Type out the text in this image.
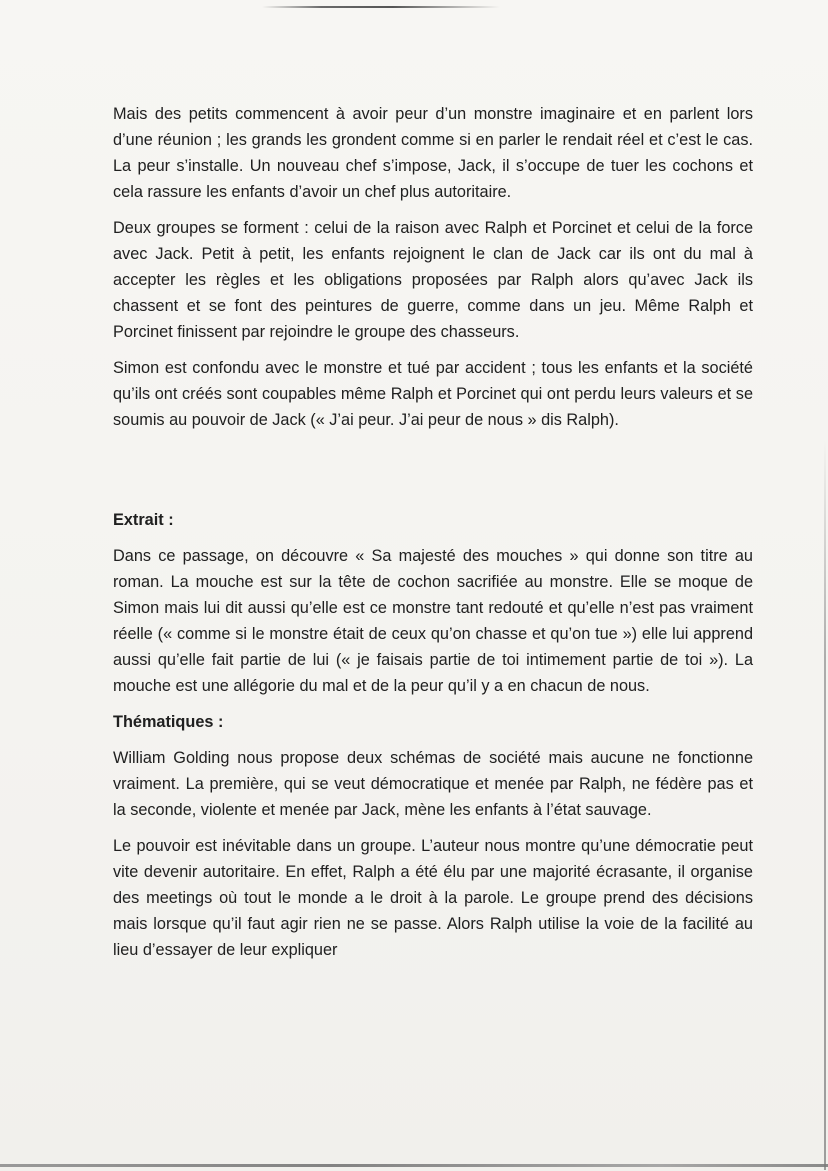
Mais des petits commencent à avoir peur d’un monstre imaginaire et en parlent lors d’une réunion ; les grands les grondent comme si en parler le rendait réel et c’est le cas. La peur s’installe. Un nouveau chef s’impose, Jack, il s’occupe de tuer les cochons et cela rassure les enfants d’avoir un chef plus autoritaire.

Deux groupes se forment : celui de la raison avec Ralph et Porcinet et celui de la force avec Jack. Petit à petit, les enfants rejoignent le clan de Jack car ils ont du mal à accepter les règles et les obligations proposées par Ralph alors qu’avec Jack ils chassent et se font des peintures de guerre, comme dans un jeu. Même Ralph et Porcinet finissent par rejoindre le groupe des chasseurs.

Simon est confondu avec le monstre et tué par accident ; tous les enfants et la société qu’ils ont créés sont coupables même Ralph et Porcinet qui ont perdu leurs valeurs et se soumis au pouvoir de Jack (« J’ai peur. J’ai peur de nous » dis Ralph).

Extrait :

Dans ce passage, on découvre « Sa majesté des mouches » qui donne son titre au roman. La mouche est sur la tête de cochon sacrifiée au monstre. Elle se moque de Simon mais lui dit aussi qu’elle est ce monstre tant redouté et qu’elle n’est pas vraiment réelle (« comme si le monstre était de ceux qu’on chasse et qu’on tue ») elle lui apprend aussi qu’elle fait partie de lui (« je faisais partie de toi intimement partie de toi »). La mouche est une allégorie du mal et de la peur qu’il y a en chacun de nous.

Thématiques :

William Golding nous propose deux schémas de société mais aucune ne fonctionne vraiment. La première, qui se veut démocratique et menée par Ralph, ne fédère pas et la seconde, violente et menée par Jack, mène les enfants à l’état sauvage.

Le pouvoir est inévitable dans un groupe. L’auteur nous montre qu’une démocratie peut vite devenir autoritaire. En effet, Ralph a été élu par une majorité écrasante, il organise des meetings où tout le monde a le droit à la parole. Le groupe prend des décisions mais lorsque qu’il faut agir rien ne se passe. Alors Ralph utilise la voie de la facilité au lieu d’essayer de leur expliquer
